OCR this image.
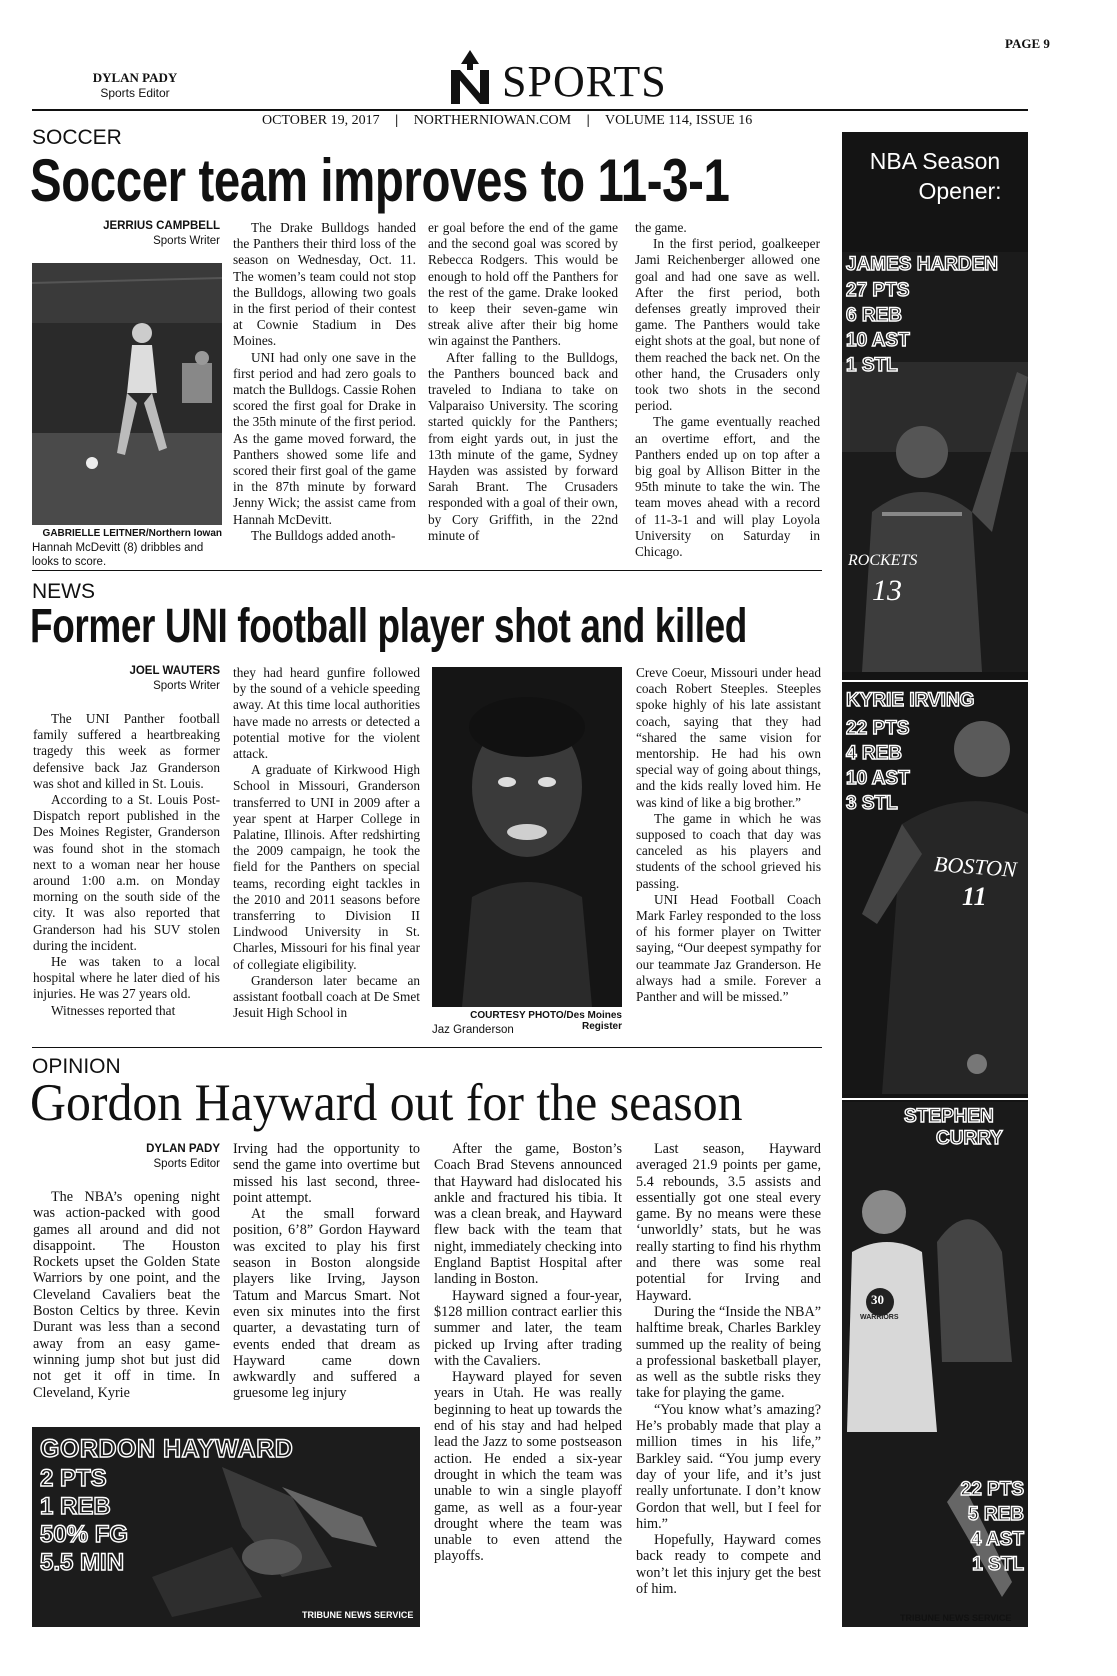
PAGE 9
DYLAN PADY
Sports Editor	SPORTS
OCTOBER 19, 2017 | NORTHERNIOWAN.COM | VOLUME 114, ISSUE 16
SOCCER
Soccer team improves to 11-3-1
JERRIUS CAMPBELL
Sports Writer
GABRIELLE LEITNER/Northern Iowan
Hannah McDevitt (8) dribbles and looks to score.

The Drake Bulldogs handed the Panthers their third loss of the season on Wednesday, Oct. 11. The women’s team could not stop the Bulldogs, allowing two goals in the first period of their contest at Cownie Stadium in Des Moines.

UNI had only one save in the first period and had zero goals to match the Bulldogs. Cassie Rohen scored the first goal for Drake in the 35th minute of the first period. As the game moved forward, the Panthers showed some life and scored their first goal of the game in the 87th minute by forward Jenny Wick; the assist came from Hannah McDevitt.

The Bulldogs added anoth-

er goal before the end of the game and the second goal was scored by Rebecca Rodgers. This would be enough to hold off the Panthers for the rest of the game. Drake looked to keep their seven-game win streak alive after their big home win against the Panthers.

After falling to the Bulldogs, the Panthers bounced back and traveled to Indiana to take on Valparaiso University. The scoring started quickly for the Panthers; from eight yards out, in just the 13th minute of the game, Sydney Hayden was assisted by forward Sarah Brant. The Crusaders responded with a goal of their own, by Cory Griffith, in the 22nd minute of

the game.

In the first period, goalkeeper Jami Reichenberger allowed one goal and had one save as well. After the first period, both defenses greatly improved their game. The Panthers would take eight shots at the goal, but none of them reached the back net. On the other hand, the Crusaders only took two shots in the second period.

The game eventually reached an overtime effort, and the Panthers ended up on top after a big goal by Allison Bitter in the 95th minute to take the win. The team moves ahead with a record of 11-3-1 and will play Loyola University on Saturday in Chicago.

NEWS
Former UNI football player shot and killed
JOEL WAUTERS
Sports Writer

The UNI Panther football family suffered a heartbreaking tragedy this week as former defensive back Jaz Granderson was shot and killed in St. Louis.

According to a St. Louis Post-Dispatch report published in the Des Moines Register, Granderson was found shot in the stomach next to a woman near her house around 1:00 a.m. on Monday morning on the south side of the city. It was also reported that Granderson had his SUV stolen during the incident.

He was taken to a local hospital where he later died of his injuries. He was 27 years old.

Witnesses reported that

they had heard gunfire followed by the sound of a vehicle speeding away. At this time local authorities have made no arrests or detected a potential motive for the violent attack.

A graduate of Kirkwood High School in Missouri, Granderson transferred to UNI in 2009 after a year spent at Harper College in Palatine, Illinois. After redshirting the 2009 campaign, he took the field for the Panthers on special teams, recording eight tackles in the 2010 and 2011 seasons before transferring to Division II Lindwood University in St. Charles, Missouri for his final year of collegiate eligibility.

Granderson later became an assistant football coach at De Smet Jesuit High School in	COURTESY PHOTO/Des Moines Register
Jaz Granderson

Creve Coeur, Missouri under head coach Robert Steeples. Steeples spoke highly of his late assistant coach, saying that they had “shared the same vision for mentorship. He had his own special way of going about things, and the kids really loved him. He was kind of like a big brother.”

The game in which he was supposed to coach that day was canceled as his players and students of the school grieved his passing.

UNI Head Football Coach Mark Farley responded to the loss of his former player on Twitter saying, “Our deepest sympathy for our teammate Jaz Granderson. He always had a smile. Forever a Panther and will be missed.”

OPINION
Gordon Hayward out for the season
DYLAN PADY
Sports Editor

The NBA’s opening night was action-packed with good games all around and did not disappoint. The Houston Rockets upset the Golden State Warriors by one point, and the Cleveland Cavaliers beat the Boston Celtics by three. Kevin Durant was less than a second away from an easy game-winning jump shot but just did not get it off in time. In Cleveland, Kyrie

Irving had the opportunity to send the game into overtime but missed his last second, three-point attempt.

At the small forward position, 6’8” Gordon Hayward was excited to play his first season in Boston alongside players like Irving, Jayson Tatum and Marcus Smart. Not even six minutes into the first quarter, a devastating turn of events ended that dream as Hayward came down awkwardly and suffered a gruesome leg injury

After the game, Boston’s Coach Brad Stevens announced that Hayward had dislocated his ankle and fractured his tibia. It was a clean break, and Hayward flew back with the team that night, immediately checking into England Baptist Hospital after landing in Boston.

Hayward signed a four-year, $128 million contract earlier this summer and later, the team picked up Irving after trading with the Cavaliers.

Hayward played for seven years in Utah. He was really beginning to heat up towards the end of his stay and had helped lead the Jazz to some postseason action. He ended a six-year drought in which the team was unable to win a single playoff game, as well as a four-year drought where the team was unable to even attend the playoffs.

Last season, Hayward averaged 21.9 points per game, 5.4 rebounds, 3.5 assists and essentially got one steal every game. By no means were these ‘unworldly’ stats, but he was really starting to find his rhythm and there was some real potential for Irving and Hayward.

During the “Inside the NBA” halftime break, Charles Barkley summed up the reality of being a professional basketball player, as well as the subtle risks they take for playing the game.

“You know what’s amazing? He’s probably made that play a million times in his life,” Barkley said. “You jump every day of your life, and it’s just really unfortunate. I don’t know Gordon that well, but I feel for him.”

Hopefully, Hayward comes back ready to compete and won’t let this injury get the best of him.

GORDON HAYWARD
2 PTS
1 REB
50% FG
5.5 MIN
TRIBUNE NEWS SERVICE
NBA Season
Opener:
JAMES HARDEN
27 PTS
6 REB
10 AST
1 STL
ROCKETS
13
KYRIE IRVING
22 PTS
4 REB
10 AST
3 STL
BOSTON
11
STEPHEN
CURRY
30
WARRIORS
22 PTS
5 REB
4 AST
1 STL
TRIBUNE NEWS SERVICE
